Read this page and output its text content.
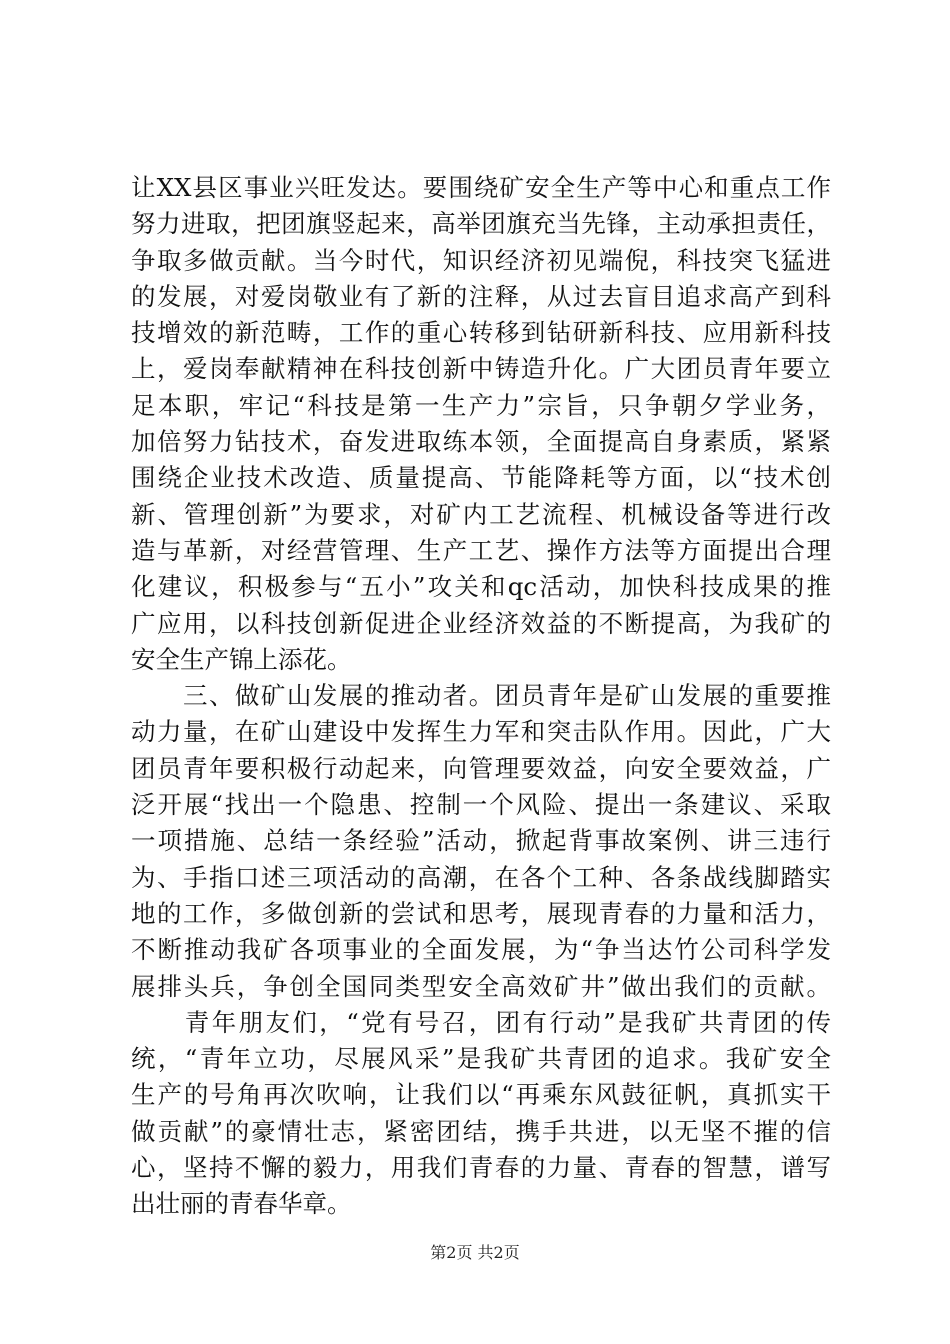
让XX县区事业兴旺发达。要围绕矿安全生产等中心和重点工作
努力进取，把团旗竖起来，高举团旗充当先锋，主动承担责任，
争取多做贡献。当今时代，知识经济初见端倪，科技突飞猛进
的发展，对爱岗敬业有了新的注释，从过去盲目追求高产到科
技增效的新范畴，工作的重心转移到钻研新科技、应用新科技
上，爱岗奉献精神在科技创新中铸造升化。广大团员青年要立
足本职，牢记“科技是第一生产力”宗旨，只争朝夕学业务，
加倍努力钻技术，奋发进取练本领，全面提高自身素质，紧紧
围绕企业技术改造、质量提高、节能降耗等方面，以“技术创
新、管理创新”为要求，对矿内工艺流程、机械设备等进行改
造与革新，对经营管理、生产工艺、操作方法等方面提出合理
化建议，积极参与“五小”攻关和qc活动，加快科技成果的推
广应用，以科技创新促进企业经济效益的不断提高，为我矿的
安全生产锦上添花。
　　三、做矿山发展的推动者。团员青年是矿山发展的重要推
动力量，在矿山建设中发挥生力军和突击队作用。因此，广大
团员青年要积极行动起来，向管理要效益，向安全要效益，广
泛开展“找出一个隐患、控制一个风险、提出一条建议、采取
一项措施、总结一条经验”活动，掀起背事故案例、讲三违行
为、手指口述三项活动的高潮，在各个工种、各条战线脚踏实
地的工作，多做创新的尝试和思考，展现青春的力量和活力，
不断推动我矿各项事业的全面发展，为“争当达竹公司科学发
展排头兵，争创全国同类型安全高效矿井”做出我们的贡献。
　　青年朋友们，“党有号召，团有行动”是我矿共青团的传
统，“青年立功，尽展风采”是我矿共青团的追求。我矿安全
生产的号角再次吹响，让我们以“再乘东风鼓征帆，真抓实干
做贡献”的豪情壮志，紧密团结，携手共进，以无坚不摧的信
心，坚持不懈的毅力，用我们青春的力量、青春的智慧，谱写
出壮丽的青春华章。
第2页 共2页
